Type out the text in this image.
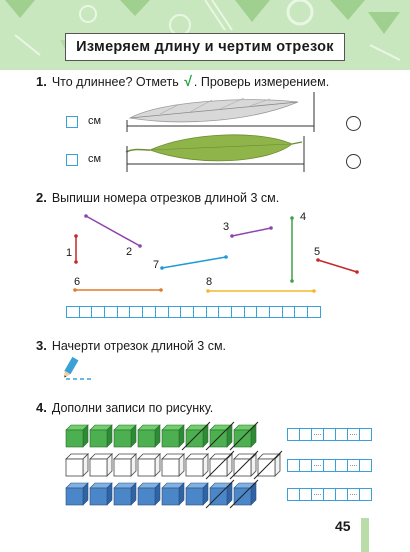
Измеряем длину и чертим отрезок
1. Что длиннее? Отметь √ . Проверь измерением.
см
см
2. Выпиши номера отрезков длиной 3 см.
1	2
3
4
5
6
7
8
3. Начерти отрезок длиной 3 см.
4. Дополни записи по рисунку.
....	....
....	....
....	....
45
